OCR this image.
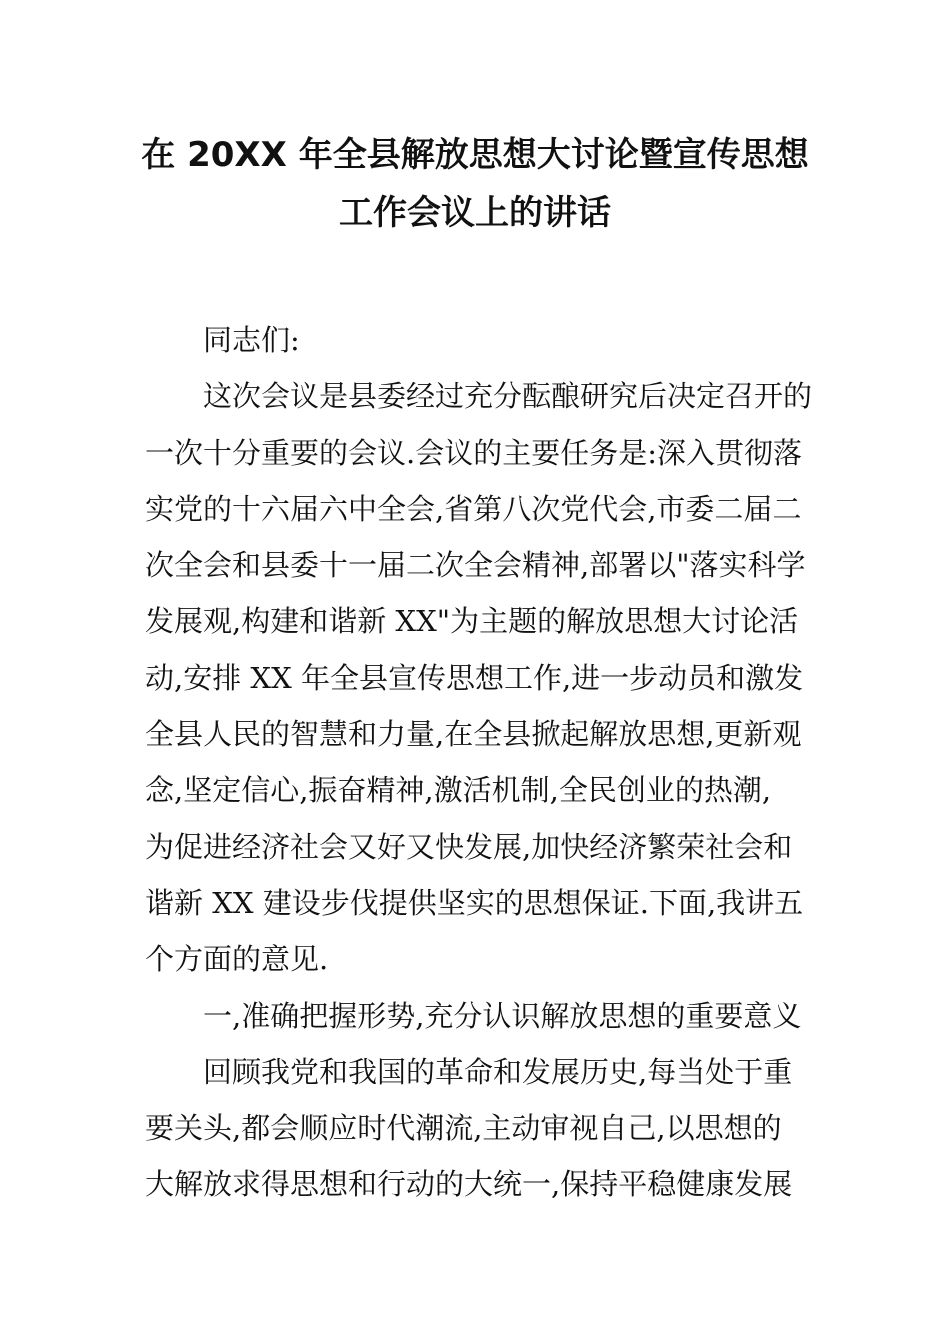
在 20XX 年全县解放思想大讨论暨宣传思想
工作会议上的讲话
同志们:
这次会议是县委经过充分酝酿研究后决定召开的
一次十分重要的会议.会议的主要任务是:深入贯彻落
实党的十六届六中全会,省第八次党代会,市委二届二
次全会和县委十一届二次全会精神,部署以"落实科学
发展观,构建和谐新 XX"为主题的解放思想大讨论活
动,安排 XX 年全县宣传思想工作,进一步动员和激发
全县人民的智慧和力量,在全县掀起解放思想,更新观
念,坚定信心,振奋精神,激活机制,全民创业的热潮,
为促进经济社会又好又快发展,加快经济繁荣社会和
谐新 XX 建设步伐提供坚实的思想保证.下面,我讲五
个方面的意见.
一,准确把握形势,充分认识解放思想的重要意义
回顾我党和我国的革命和发展历史,每当处于重
要关头,都会顺应时代潮流,主动审视自己,以思想的
大解放求得思想和行动的大统一,保持平稳健康发展
